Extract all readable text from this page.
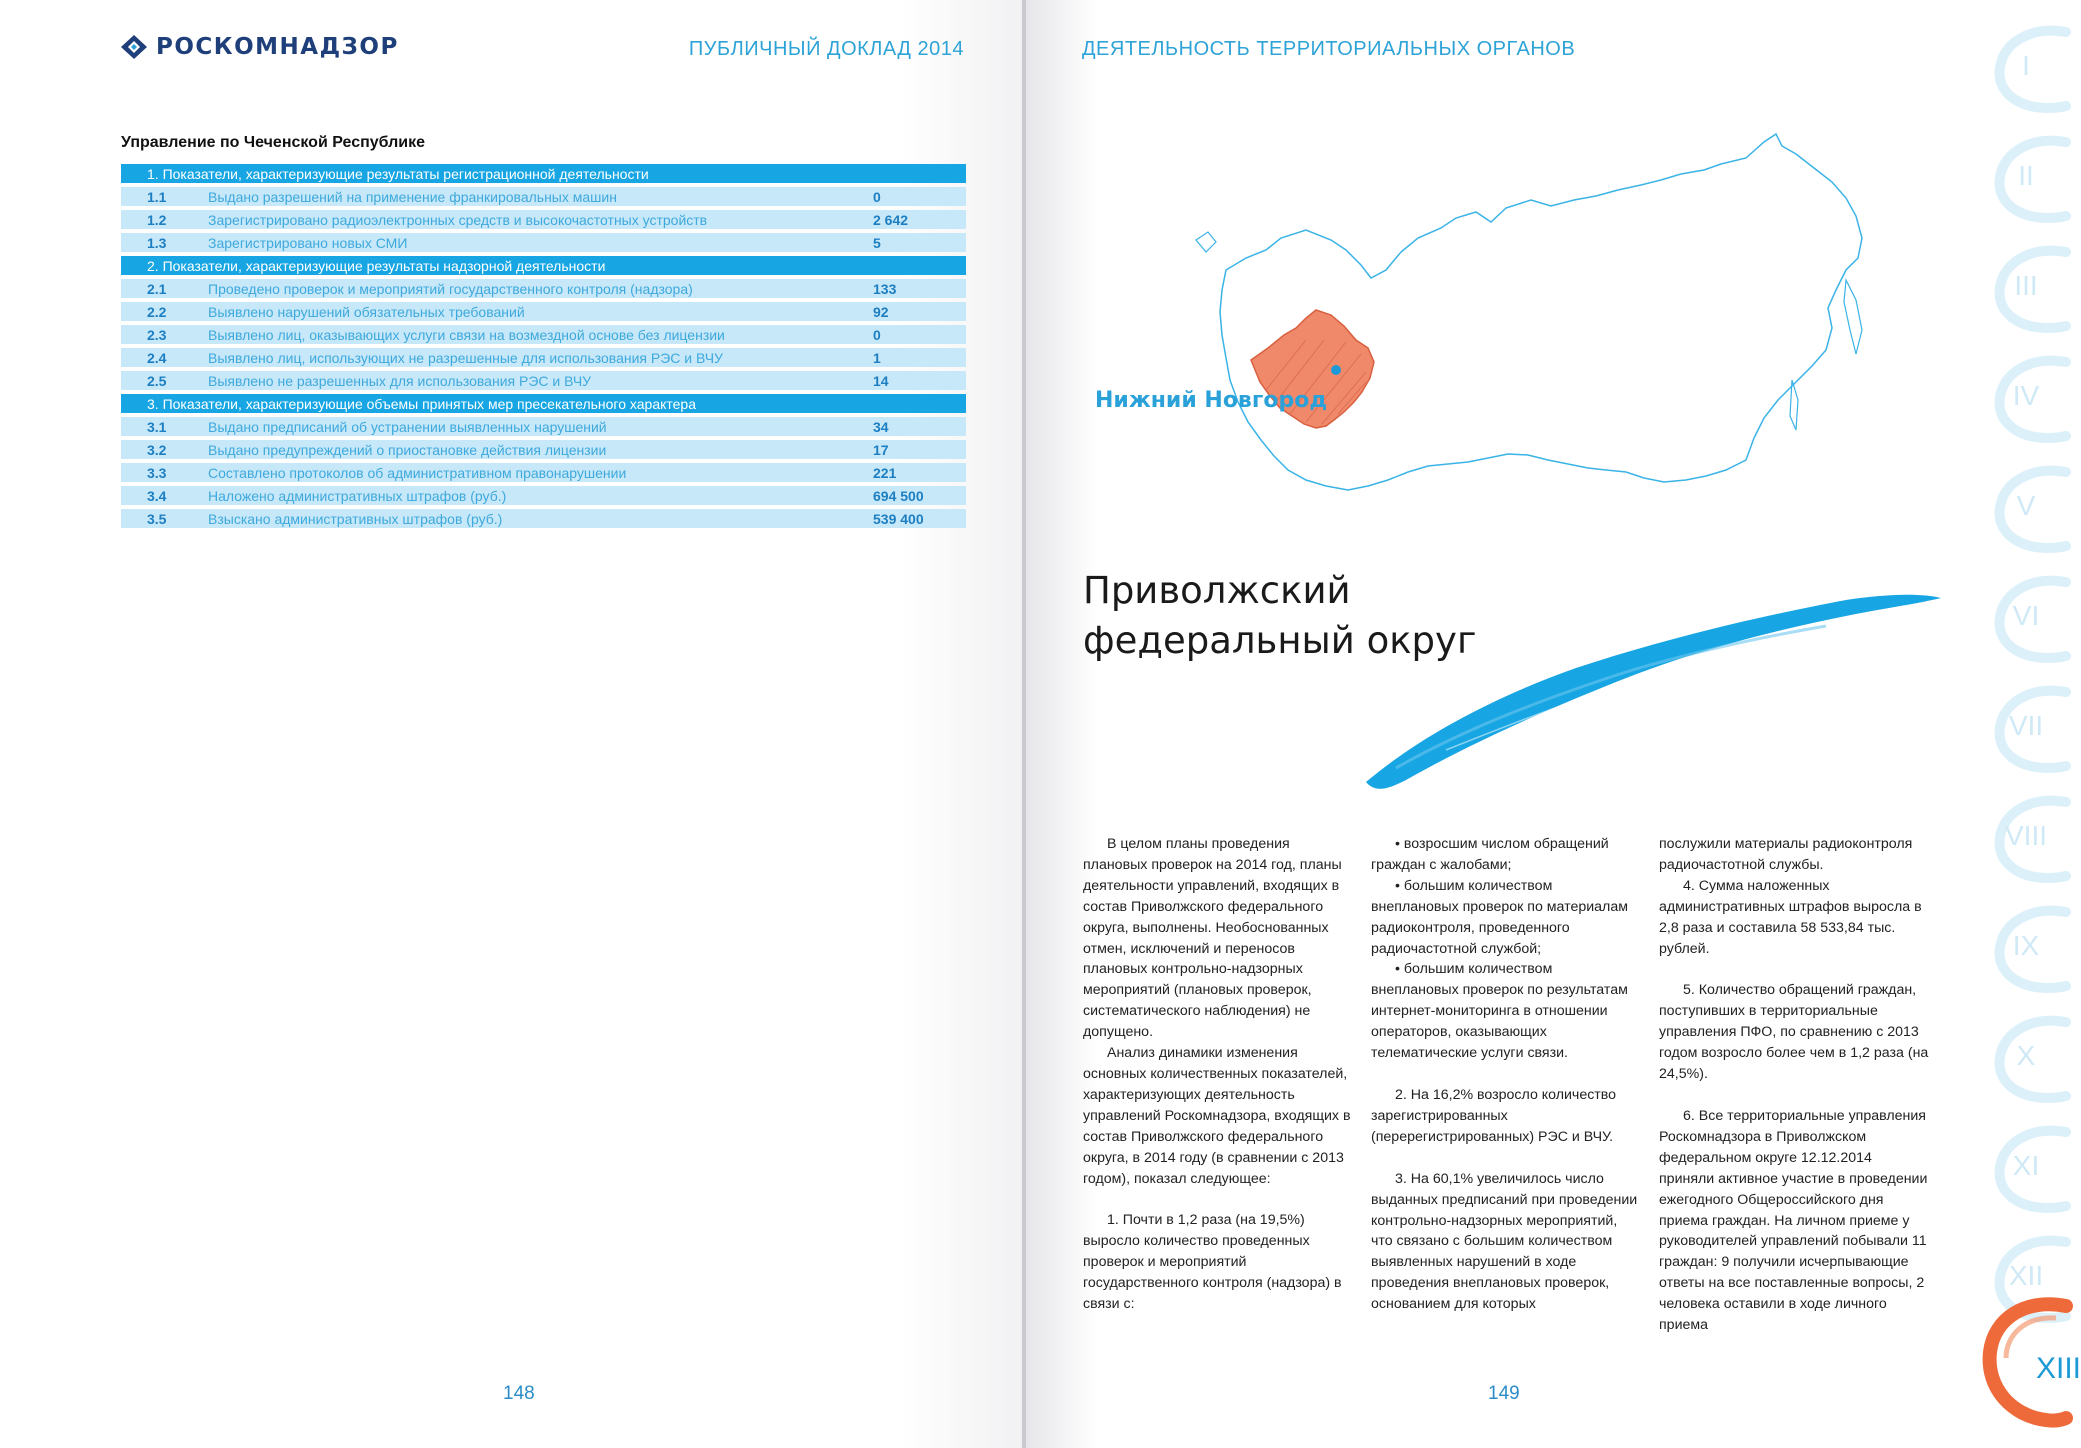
РОСКОМНАДЗОР	ПУБЛИЧНЫЙ ДОКЛАД 2014
Управление по Чеченской Республике
1. Показатели, характеризующие результаты регистрационной деятельности
1.1	Выдано разрешений на применение франкировальных машин	0
1.2	Зарегистрировано радиоэлектронных средств и высокочастотных устройств	2 642
1.3	Зарегистрировано новых СМИ	5
2. Показатели, характеризующие результаты надзорной деятельности
2.1	Проведено проверок и мероприятий государственного контроля (надзора)	133
2.2	Выявлено нарушений обязательных требований	92
2.3	Выявлено лиц, оказывающих услуги связи на возмездной основе без лицензии	0
2.4	Выявлено лиц, использующих не разрешенные для использования РЭС и ВЧУ	1
2.5	Выявлено не разрешенных для использования РЭС и ВЧУ	14
3. Показатели, характеризующие объемы принятых мер пресекательного характера
3.1	Выдано предписаний об устранении выявленных нарушений	34
3.2	Выдано предупреждений о приостановке действия лицензии	17
3.3	Составлено протоколов об административном правонарушении	221
3.4	Наложено административных штрафов (руб.)	694 500
3.5	Взыскано административных штрафов (руб.)	539 400
148
ДЕЯТЕЛЬНОСТЬ ТЕРРИТОРИАЛЬНЫХ ОРГАНОВ
Нижний Новгород
Приволжский
федеральный округ

В целом планы проведения плановых проверок на 2014 год, планы деятельности управлений, входящих в состав Приволжского федерального округа, выполнены. Необоснованных отмен, исключений и переносов плановых контрольно-надзорных мероприятий (плановых проверок, систематического наблюдения) не допущено.

Анализ динамики изменения основных количественных показателей, характеризующих деятельность управлений Роскомнадзора, входящих в состав Приволжского федерального округа, в 2014 году (в сравнении с 2013 годом), показал следующее:

1. Почти в 1,2 раза (на 19,5%) выросло количество проведенных проверок и мероприятий государственного контроля (надзора) в связи с:

• возросшим числом обращений граждан с жалобами;

• большим количеством внеплановых проверок по материалам радиоконтроля, проведенного радиочастотной службой;

• большим количеством внеплановых проверок по результатам интернет-мониторинга в отношении операторов, оказывающих телематические услуги связи.

2. На 16,2% возросло количество зарегистрированных (перерегистрированных) РЭС и ВЧУ.

3. На 60,1% увеличилось число выданных предписаний при проведении контрольно-надзорных мероприятий, что связано с большим количеством выявленных нарушений в ходе проведения внеплановых проверок, основанием для которых

послужили материалы радиоконтроля радиочастотной службы.

4. Сумма наложенных административных штрафов выросла в 2,8 раза и составила 58 533,84 тыс. рублей.

5. Количество обращений граждан, поступивших в территориальные управления ПФО, по сравнению с 2013 годом возросло более чем в 1,2 раза (на 24,5%).

6. Все территориальные управления Роскомнадзора в Приволжском федеральном округе 12.12.2014 приняли активное участие в проведении ежегодного Общероссийского дня приема граждан. На личном приеме у руководителей управлений побывали 11 граждан: 9 получили исчерпывающие ответы на все поставленные вопросы, 2 человека оставили в ходе личного приема

149
XII
XI
X
IX
VIII
VII
VI
V
IV
III
II
I
XIII
